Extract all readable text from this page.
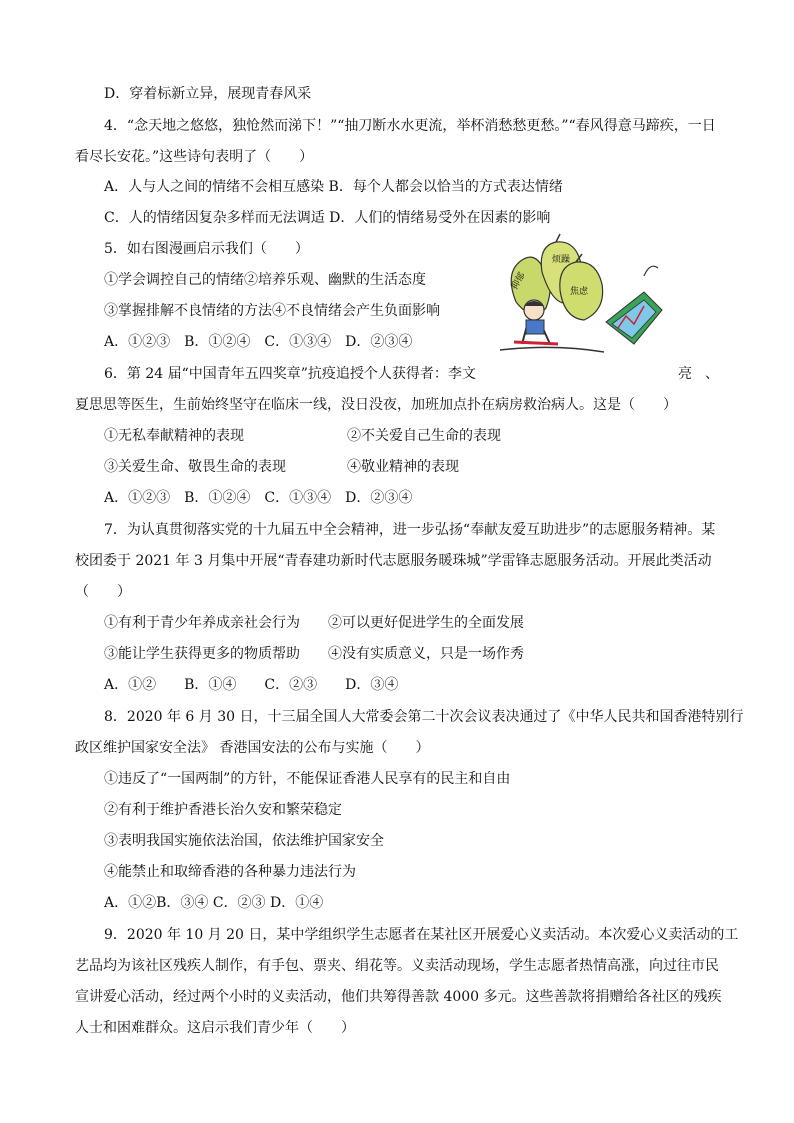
D．穿着标新立异，展现青春风采
4．“念天地之悠悠，独怆然而涕下！”“抽刀断水水更流，举杯消愁愁更愁。”“春风得意马蹄疾，一日
看尽长安花。”这些诗句表明了（　　）
A．人与人之间的情绪不会相互感染 B．每个人都会以恰当的方式表达情绪
C．人的情绪因复杂多样而无法调适 D．人们的情绪易受外在因素的影响
5．如右图漫画启示我们（　　）
①学会调控自己的情绪②培养乐观、幽默的生活态度
③掌握排解不良情绪的方法④不良情绪会产生负面影响
A．①②③　B．①②④　C．①③④　D．②③④
抑郁
烦躁
焦虑
6．第 24 届“中国青年五四奖章”抗疫追授个人获得者：李文	亮 、
夏思思等医生，生前始终坚守在临床一线，没日没夜，加班加点扑在病房救治病人。这是（　　）
①无私奉献精神的表现	②不关爱自己生命的表现
③关爱生命、敬畏生命的表现	④敬业精神的表现
A．①②③　B．①②④　C．①③④　D．②③④
7．为认真贯彻落实党的十九届五中全会精神，进一步弘扬“奉献友爱互助进步”的志愿服务精神。某
校团委于 2021 年 3 月集中开展“青春建功新时代志愿服务暖珠城”学雷锋志愿服务活动。开展此类活动
（　　）
①有利于青少年养成亲社会行为　　②可以更好促进学生的全面发展
③能让学生获得更多的物质帮助　　④没有实质意义，只是一场作秀
A．①②　　B．①④　　C．②③　　D．③④
8．2020 年 6 月 30 日，十三届全国人大常委会第二十次会议表决通过了《中华人民共和国香港特别行
政区维护国家安全法》 香港国安法的公布与实施（　　）
①违反了“一国两制”的方针，不能保证香港人民享有的民主和自由
②有利于维护香港长治久安和繁荣稳定
③表明我国实施依法治国，依法维护国家安全
④能禁止和取缔香港的各种暴力违法行为
A．①②B．③④ C．②③ D．①④
9．2020 年 10 月 20 日，某中学组织学生志愿者在某社区开展爱心义卖活动。本次爱心义卖活动的工
艺品均为该社区残疾人制作，有手包、票夹、绢花等。义卖活动现场，学生志愿者热情高涨，向过往市民
宣讲爱心活动，经过两个小时的义卖活动，他们共筹得善款 4000 多元。这些善款将捐赠给各社区的残疾
人士和困难群众。这启示我们青少年（　　）
